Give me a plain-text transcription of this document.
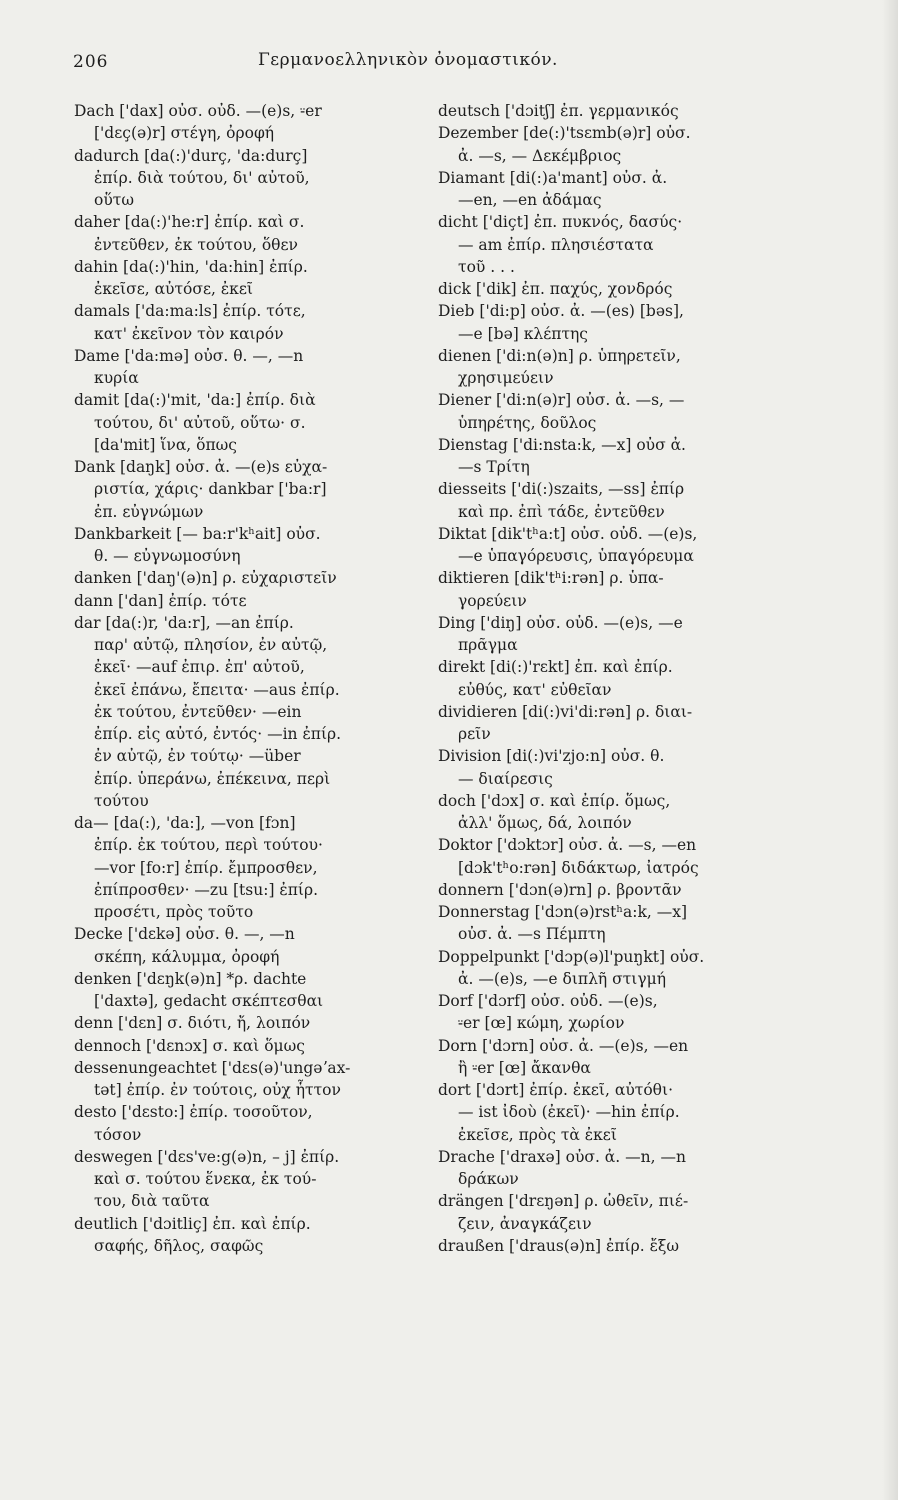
206	Γερμανοελληνικὸν ὀνομαστικόν.
Dach ['dax] οὐσ. οὐδ. —(e)s, ⸚er
['dɛç(ə)r] στέγη, ὀροφή
dadurch [da(:)'durç, 'da:durç]
ἐπίρ. διὰ τούτου, δι' αὐτοῦ,
οὕτω
daher [da(:)'he:r] ἐπίρ. καὶ σ.
ἐντεῦθεν, ἐκ τούτου, ὅθεν
dahin [da(:)'hin, 'da:hin] ἐπίρ.
ἐκεῖσε, αὐτόσε, ἐκεῖ
damals ['da:ma:ls] ἐπίρ. τότε,
κατ' ἐκεῖνον τὸν καιρόν
Dame ['da:mə] οὐσ. θ. —, —n
κυρία
damit [da(:)'mit, 'da:] ἐπίρ. διὰ
τούτου, δι' αὐτοῦ, οὕτω· σ.
[da'mit] ἵνα, ὅπως
Dank [daŋk] οὐσ. ἀ. —(e)s εὐχα-
ριστία, χάρις· dankbar ['ba:r]
ἐπ. εὐγνώμων
Dankbarkeit [— ba:r'kʰait] οὐσ.
θ. — εὐγνωμοσύνη
danken ['daŋ'(ə)n] ρ. εὐχαριστεῖν
dann ['dan] ἐπίρ. τότε
dar [da(:)r, 'da:r], —an ἐπίρ.
παρ' αὐτῷ, πλησίον, ἐν αὐτῷ,
ἐκεῖ· —auf ἐπιρ. ἐπ' αὐτοῦ,
ἐκεῖ ἐπάνω, ἔπειτα· —aus ἐπίρ.
ἐκ τούτου, ἐντεῦθεν· —ein
ἐπίρ. εἰς αὐτό, ἐντός· —in ἐπίρ.
ἐν αὐτῷ, ἐν τούτῳ· —über
ἐπίρ. ὑπεράνω, ἐπέκεινα, περὶ
τούτου
da— [da(:), 'da:], —von [fɔn]
ἐπίρ. ἐκ τούτου, περὶ τούτου·
—vor [fo:r] ἐπίρ. ἔμπροσθεν,
ἐπίπροσθεν· —zu [tsu:] ἐπίρ.
προσέτι, πρὸς τοῦτο
Decke ['dɛkə] οὐσ. θ. —, —n
σκέπη, κάλυμμα, ὀροφή
denken ['dɛŋk(ə)n] *ρ. dachte
['daxtə], gedacht σκέπτεσθαι
denn ['dɛn] σ. διότι, ἤ, λοιπόν
dennoch ['dɛnɔx] σ. καὶ ὅμως
dessenungeachtet ['dɛs(ə)'ungəʼax-
tət] ἐπίρ. ἐν τούτοις, οὐχ ἧττον
desto ['dɛsto:] ἐπίρ. τοσοῦτον,
τόσον
deswegen ['dɛs've:g(ə)n, – j] ἐπίρ.
καὶ σ. τούτου ἕνεκα, ἐκ τού-
του, διὰ ταῦτα
deutlich ['dɔitliç] ἐπ. καὶ ἐπίρ.
σαφής, δῆλος, σαφῶς
deutsch ['dɔitʃ] ἐπ. γερμανικός
Dezember [de(:)'tsɛmb(ə)r] οὐσ.
ἀ. —s, — Δεκέμβριος
Diamant [di(:)a'mant] οὐσ. ἀ.
—en, —en ἀδάμας
dicht ['diçt] ἐπ. πυκνός, δασύς·
— am ἐπίρ. πλησιέστατα
τοῦ . . .
dick ['dik] ἐπ. παχύς, χονδρός
Dieb ['di:p] οὐσ. ἀ. —(es) [bəs],
—e [bə] κλέπτης
dienen ['di:n(ə)n] ρ. ὑπηρετεῖν,
χρησιμεύειν
Diener ['di:n(ə)r] οὐσ. ἀ. —s, —
ὑπηρέτης, δοῦλος
Dienstag ['di:nsta:k, —x] οὐσ ἀ.
—s Τρίτη
diesseits ['di(:)szaits, —ss] ἐπίρ
καὶ πρ. ἐπὶ τάδε, ἐντεῦθεν
Diktat [dik'tʰa:t] οὐσ. οὐδ. —(e)s,
—e ὑπαγόρευσις, ὑπαγόρευμα
diktieren [dik'tʰi:rən] ρ. ὑπα-
γορεύειν
Ding ['diŋ] οὐσ. οὐδ. —(e)s, —e
πρᾶγμα
direkt [di(:)'rɛkt] ἐπ. καὶ ἐπίρ.
εὐθύς, κατ' εὐθεῖαν
dividieren [di(:)vi'di:rən] ρ. διαι-
ρεῖν
Division [di(:)vi'zjo:n] οὐσ. θ.
— διαίρεσις
doch ['dɔx] σ. καὶ ἐπίρ. ὅμως,
ἀλλ' ὅμως, δά, λοιπόν
Doktor ['dɔktɔr] οὐσ. ἀ. —s, —en
[dɔk'tʰo:rən] διδάκτωρ, ἰατρός
donnern ['dɔn(ə)rn] ρ. βροντᾶν
Donnerstag ['dɔn(ə)rstʰa:k, —x]
οὐσ. ἀ. —s Πέμπτη
Doppelpunkt ['dɔp(ə)l'puŋkt] οὐσ.
ἀ. —(e)s, —e διπλῆ στιγμή
Dorf ['dɔrf] οὐσ. οὐδ. —(e)s,
⸚er [œ] κώμη, χωρίον
Dorn ['dɔrn] οὐσ. ἀ. —(e)s, —en
ἢ ⸚er [œ] ἄκανθα
dort ['dɔrt] ἐπίρ. ἐκεῖ, αὐτόθι·
— ist ἰδοὺ (ἐκεῖ)· —hin ἐπίρ.
ἐκεῖσε, πρὸς τὰ ἐκεῖ
Drache ['draxə] οὐσ. ἀ. —n, —n
δράκων
drängen ['drɛŋən] ρ. ὠθεῖν, πιέ-
ζειν, ἀναγκάζειν
draußen ['draus(ə)n] ἐπίρ. ἔξω
